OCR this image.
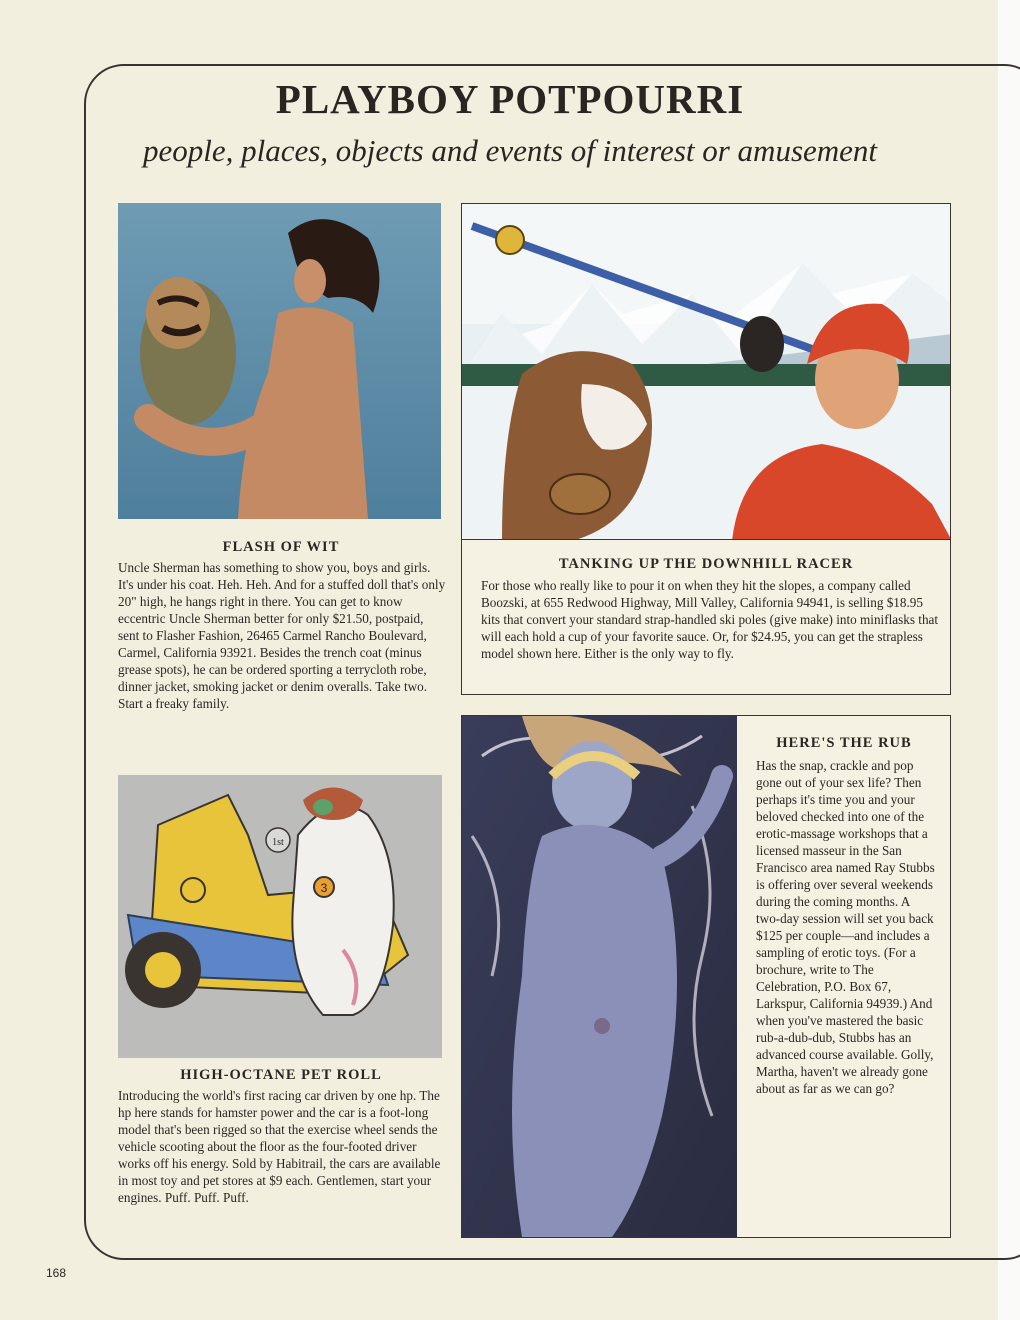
PLAYBOY POTPOURRI
people, places, objects and events of interest or amusement
FLASH OF WIT
Uncle Sherman has something to show you, boys and girls. It's under his coat. Heh. Heh. And for a stuffed doll that's only 20" high, he hangs right in there. You can get to know eccentric Uncle Sherman better for only $21.50, postpaid, sent to Flasher Fashion, 26465 Carmel Rancho Boulevard, Carmel, California 93921. Besides the trench coat (minus grease spots), he can be ordered sporting a terrycloth robe, dinner jacket, smoking jacket or denim overalls. Take two. Start a freaky family.
TANKING UP THE DOWNHILL RACER
For those who really like to pour it on when they hit the slopes, a company called Boozski, at 655 Redwood Highway, Mill Valley, California 94941, is selling $18.95 kits that convert your standard strap-handled ski poles (give make) into miniflasks that will each hold a cup of your favorite sauce. Or, for $24.95, you can get the strapless model shown here. Either is the only way to fly.
3
1st
HIGH-OCTANE PET ROLL
Introducing the world's first racing car driven by one hp. The hp here stands for hamster power and the car is a foot-long model that's been rigged so that the exercise wheel sends the vehicle scooting about the floor as the four-footed driver works off his energy. Sold by Habitrail, the cars are available in most toy and pet stores at $9 each. Gentlemen, start your engines. Puff. Puff. Puff.
HERE'S THE RUB
Has the snap, crackle and pop gone out of your sex life? Then perhaps it's time you and your beloved checked into one of the erotic-massage workshops that a licensed masseur in the San Francisco area named Ray Stubbs is offering over several weekends during the coming months. A two-day session will set you back $125 per couple—and includes a sampling of erotic toys. (For a brochure, write to The Celebration, P.O. Box 67, Larkspur, California 94939.) And when you've mastered the basic rub-a-dub-dub, Stubbs has an advanced course available. Golly, Martha, haven't we already gone about as far as we can go?
168
